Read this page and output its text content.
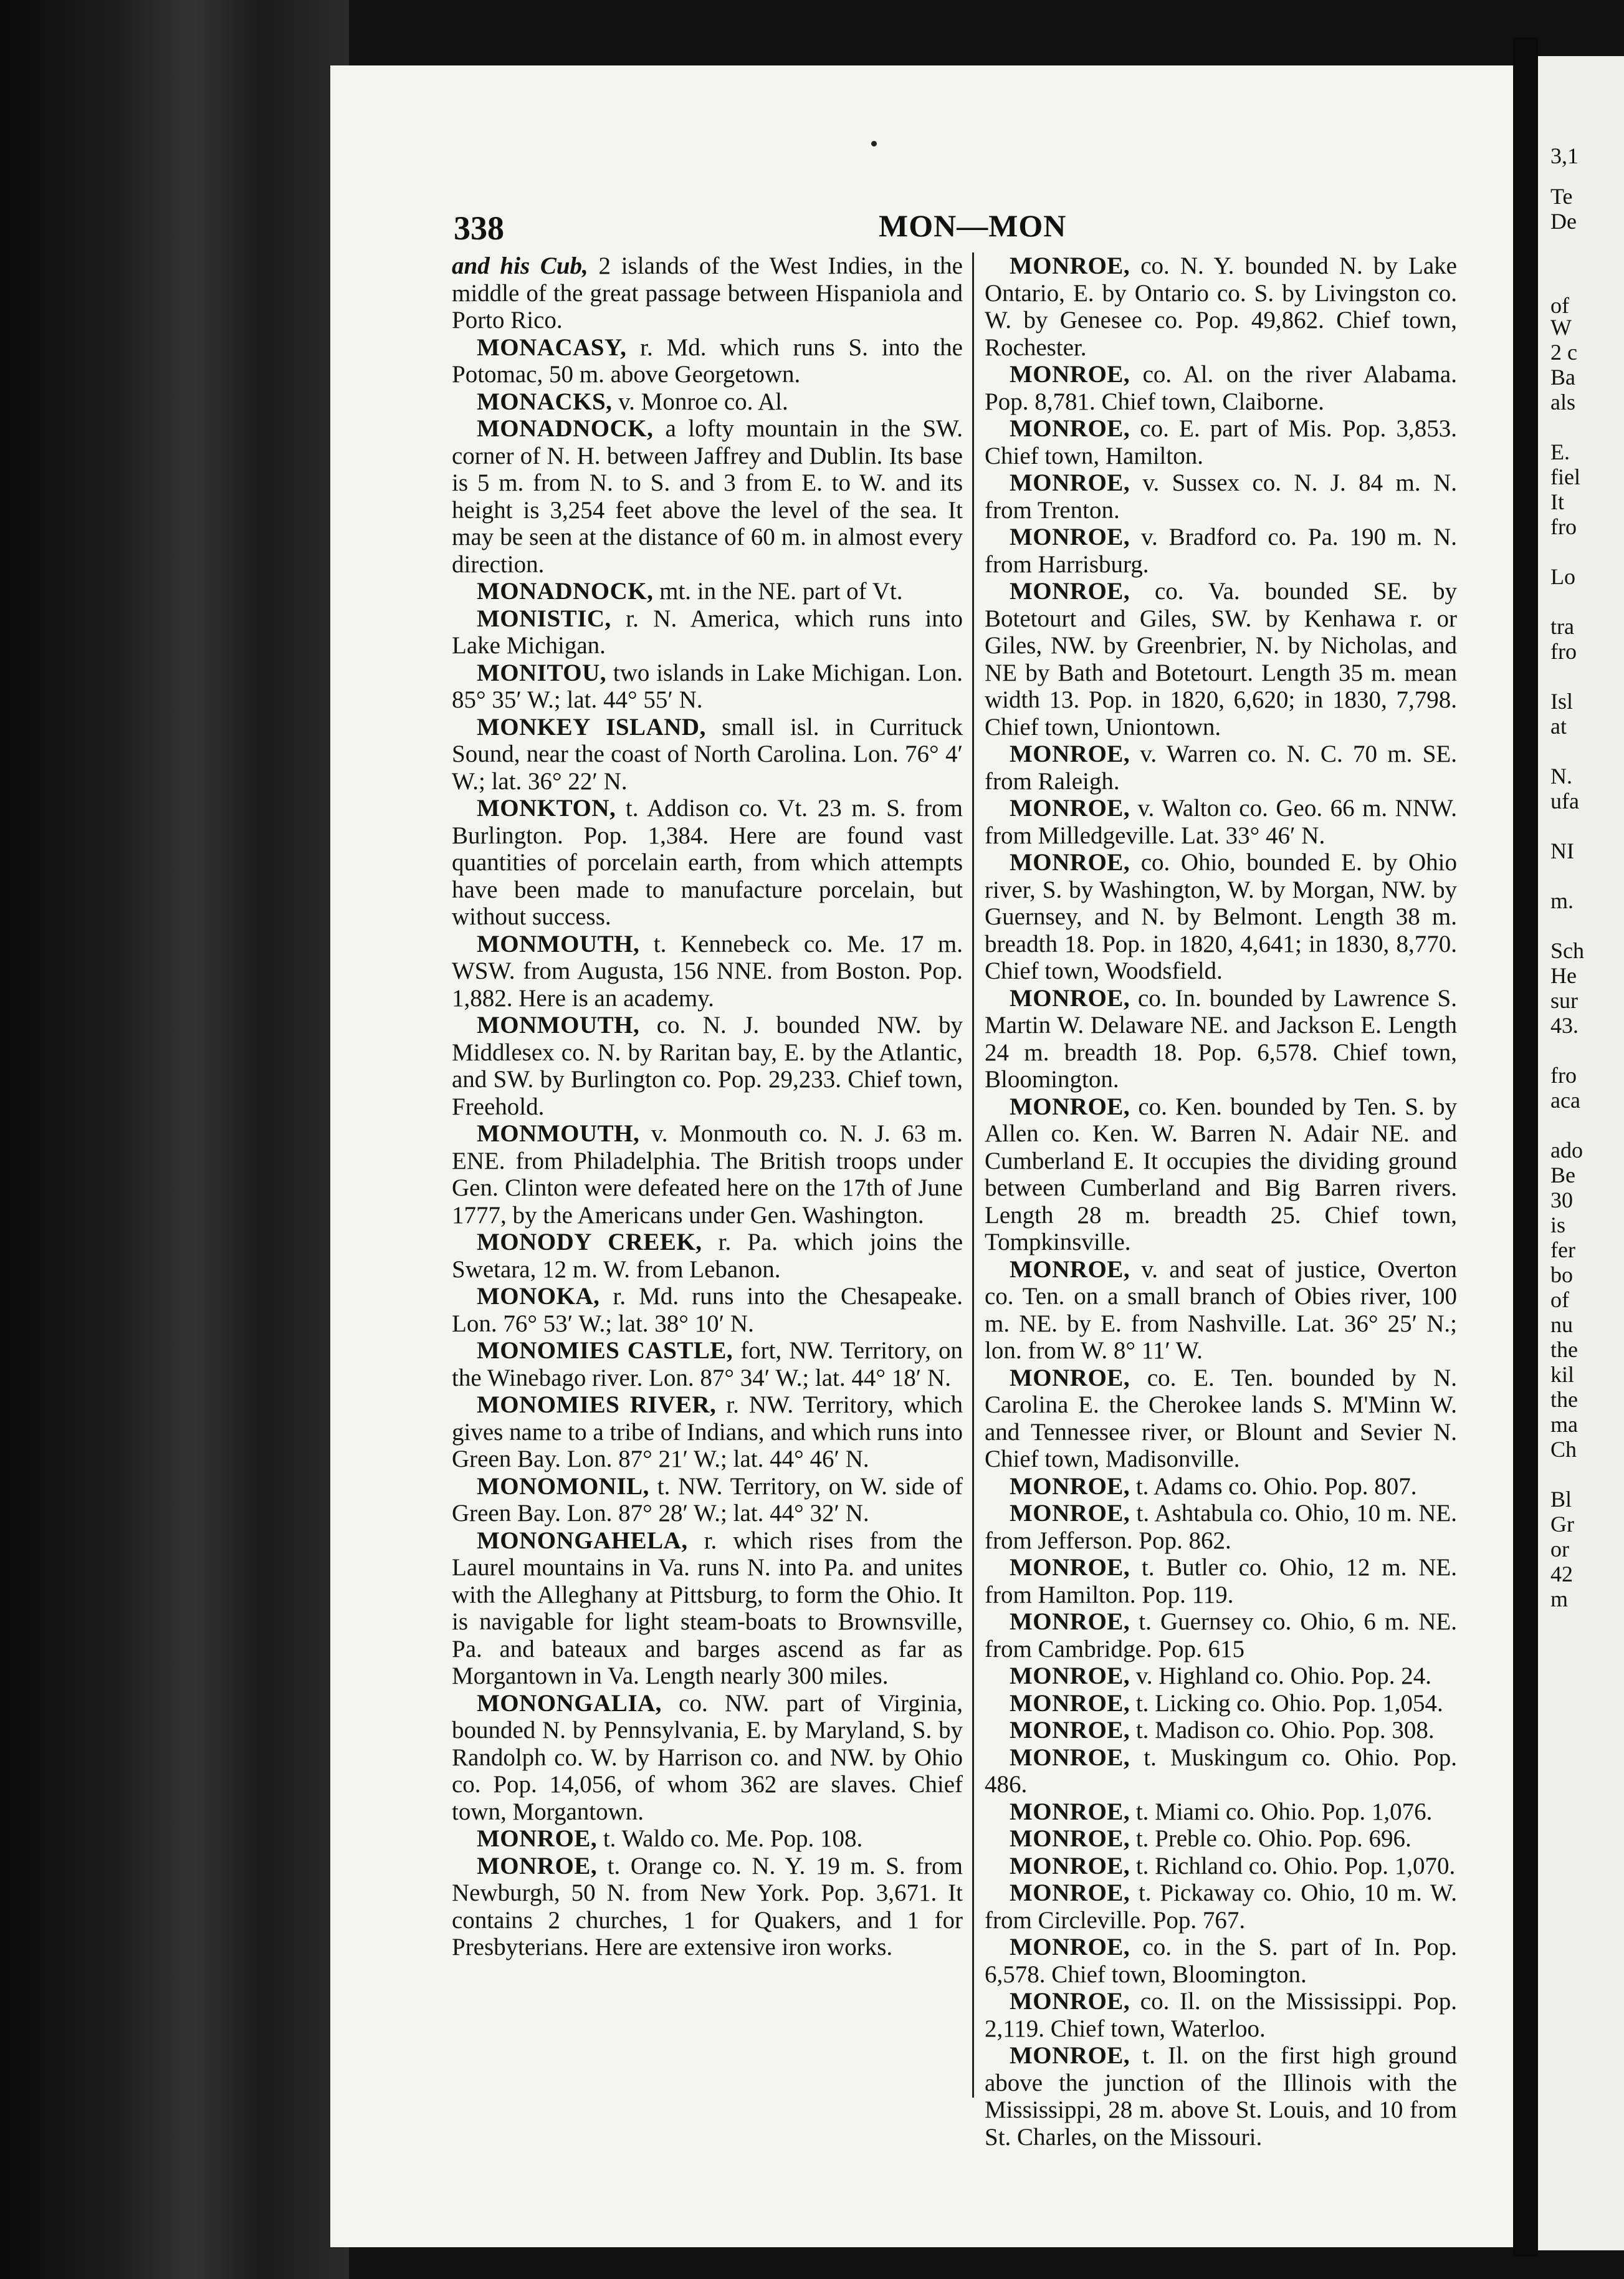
3,1
Te
De
of
W
2 c
Ba
als
E.
fiel
It
fro
Lo
tra
fro
Isl
at
N.
ufa
NI
m.
Sch
He
sur
43.
fro
aca
ado
Be
30
is
fer
bo
of
nu
the
kil
the
ma
Ch
Bl
Gr
or
42
m
338	MON—MON

and his Cub, 2 islands of the West Indies, in the middle of the great passage between Hispaniola and Porto Rico.

MONACASY, r. Md. which runs S. into the Potomac, 50 m. above Georgetown.

MONACKS, v. Monroe co. Al.

MONADNOCK, a lofty mountain in the SW. corner of N. H. between Jaffrey and Dublin. Its base is 5 m. from N. to S. and 3 from E. to W. and its height is 3,254 feet above the level of the sea. It may be seen at the distance of 60 m. in almost every direction.

MONADNOCK, mt. in the NE. part of Vt.

MONISTIC, r. N. America, which runs into Lake Michigan.

MONITOU, two islands in Lake Michigan. Lon. 85° 35′ W.; lat. 44° 55′ N.

MONKEY ISLAND, small isl. in Currituck Sound, near the coast of North Carolina. Lon. 76° 4′ W.; lat. 36° 22′ N.

MONKTON, t. Addison co. Vt. 23 m. S. from Burlington. Pop. 1,384. Here are found vast quantities of porcelain earth, from which attempts have been made to manufacture porcelain, but without success.

MONMOUTH, t. Kennebeck co. Me. 17 m. WSW. from Augusta, 156 NNE. from Boston. Pop. 1,882. Here is an academy.

MONMOUTH, co. N. J. bounded NW. by Middlesex co. N. by Raritan bay, E. by the Atlantic, and SW. by Burlington co. Pop. 29,233. Chief town, Freehold.

MONMOUTH, v. Monmouth co. N. J. 63 m. ENE. from Philadelphia. The British troops under Gen. Clinton were defeated here on the 17th of June 1777, by the Americans under Gen. Washington.

MONODY CREEK, r. Pa. which joins the Swetara, 12 m. W. from Lebanon.

MONOKA, r. Md. runs into the Chesapeake. Lon. 76° 53′ W.; lat. 38° 10′ N.

MONOMIES CASTLE, fort, NW. Territory, on the Winebago river. Lon. 87° 34′ W.; lat. 44° 18′ N.

MONOMIES RIVER, r. NW. Territory, which gives name to a tribe of Indians, and which runs into Green Bay. Lon. 87° 21′ W.; lat. 44° 46′ N.

MONOMONIL, t. NW. Territory, on W. side of Green Bay. Lon. 87° 28′ W.; lat. 44° 32′ N.

MONONGAHELA, r. which rises from the Laurel mountains in Va. runs N. into Pa. and unites with the Alleghany at Pittsburg, to form the Ohio. It is navigable for light steam-boats to Brownsville, Pa. and bateaux and barges ascend as far as Morgantown in Va. Length nearly 300 miles.

MONONGALIA, co. NW. part of Virginia, bounded N. by Pennsylvania, E. by Maryland, S. by Randolph co. W. by Harrison co. and NW. by Ohio co. Pop. 14,056, of whom 362 are slaves. Chief town, Morgantown.

MONROE, t. Waldo co. Me. Pop. 108.

MONROE, t. Orange co. N. Y. 19 m. S. from Newburgh, 50 N. from New York. Pop. 3,671. It contains 2 churches, 1 for Quakers, and 1 for Presbyterians. Here are extensive iron works.

MONROE, co. N. Y. bounded N. by Lake Ontario, E. by Ontario co. S. by Livingston co. W. by Genesee co. Pop. 49,862. Chief town, Rochester.

MONROE, co. Al. on the river Alabama. Pop. 8,781. Chief town, Claiborne.

MONROE, co. E. part of Mis. Pop. 3,853. Chief town, Hamilton.

MONROE, v. Sussex co. N. J. 84 m. N. from Trenton.

MONROE, v. Bradford co. Pa. 190 m. N. from Harrisburg.

MONROE, co. Va. bounded SE. by Botetourt and Giles, SW. by Kenhawa r. or Giles, NW. by Greenbrier, N. by Nicholas, and NE by Bath and Botetourt. Length 35 m. mean width 13. Pop. in 1820, 6,620; in 1830, 7,798. Chief town, Uniontown.

MONROE, v. Warren co. N. C. 70 m. SE. from Raleigh.

MONROE, v. Walton co. Geo. 66 m. NNW. from Milledgeville. Lat. 33° 46′ N.

MONROE, co. Ohio, bounded E. by Ohio river, S. by Washington, W. by Morgan, NW. by Guernsey, and N. by Belmont. Length 38 m. breadth 18. Pop. in 1820, 4,641; in 1830, 8,770. Chief town, Woodsfield.

MONROE, co. In. bounded by Lawrence S. Martin W. Delaware NE. and Jackson E. Length 24 m. breadth 18. Pop. 6,578. Chief town, Bloomington.

MONROE, co. Ken. bounded by Ten. S. by Allen co. Ken. W. Barren N. Adair NE. and Cumberland E. It occupies the dividing ground between Cumberland and Big Barren rivers. Length 28 m. breadth 25. Chief town, Tompkinsville.

MONROE, v. and seat of justice, Overton co. Ten. on a small branch of Obies river, 100 m. NE. by E. from Nashville. Lat. 36° 25′ N.; lon. from W. 8° 11′ W.

MONROE, co. E. Ten. bounded by N. Carolina E. the Cherokee lands S. M'Minn W. and Tennessee river, or Blount and Sevier N. Chief town, Madisonville.

MONROE, t. Adams co. Ohio. Pop. 807.

MONROE, t. Ashtabula co. Ohio, 10 m. NE. from Jefferson. Pop. 862.

MONROE, t. Butler co. Ohio, 12 m. NE. from Hamilton. Pop. 119.

MONROE, t. Guernsey co. Ohio, 6 m. NE. from Cambridge. Pop. 615

MONROE, v. Highland co. Ohio. Pop. 24.

MONROE, t. Licking co. Ohio. Pop. 1,054.

MONROE, t. Madison co. Ohio. Pop. 308.

MONROE, t. Muskingum co. Ohio. Pop. 486.

MONROE, t. Miami co. Ohio. Pop. 1,076.

MONROE, t. Preble co. Ohio. Pop. 696.

MONROE, t. Richland co. Ohio. Pop. 1,070.

MONROE, t. Pickaway co. Ohio, 10 m. W. from Circleville. Pop. 767.

MONROE, co. in the S. part of In. Pop. 6,578. Chief town, Bloomington.

MONROE, co. Il. on the Mississippi. Pop. 2,119. Chief town, Waterloo.

MONROE, t. Il. on the first high ground above the junction of the Illinois with the Mississippi, 28 m. above St. Louis, and 10 from St. Charles, on the Missouri.
